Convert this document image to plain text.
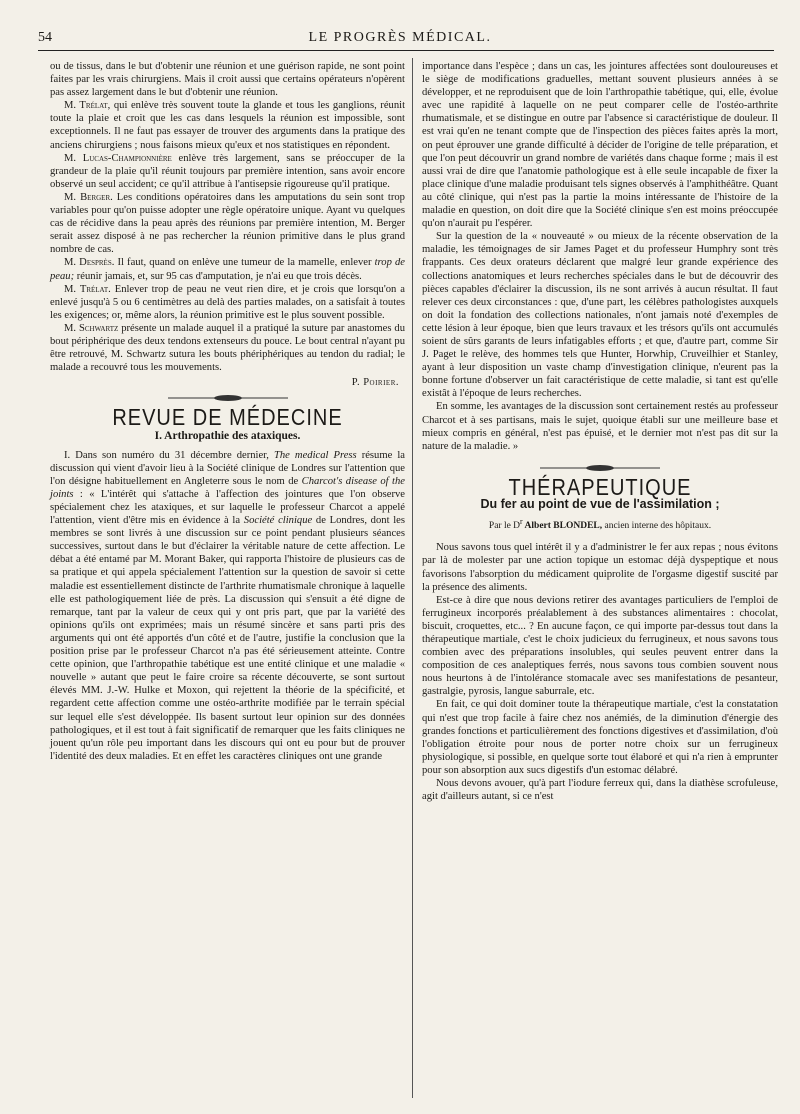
54	LE PROGRÈS MÉDICAL.

ou de tissus, dans le but d'obtenir une réunion et une guérison rapide, ne sont point faites par les vrais chirurgiens. Mais il croit aussi que certains opérateurs n'opèrent pas assez largement dans le but d'obtenir une réunion.

M. Trélat, qui enlève très souvent toute la glande et tous les ganglions, réunit toute la plaie et croit que les cas dans lesquels la réunion est impossible, sont exceptionnels. Il ne faut pas essayer de trouver des arguments dans la pratique des anciens chirurgiens ; nous faisons mieux qu'eux et nos statistiques en répondent.

M. Lucas-Championnière enlève très largement, sans se préoccuper de la grandeur de la plaie qu'il réunit toujours par première intention, sans avoir encore observé un seul accident; ce qu'il attribue à l'antisepsie rigoureuse qu'il pratique.

M. Berger. Les conditions opératoires dans les amputations du sein sont trop variables pour qu'on puisse adopter une règle opératoire unique. Ayant vu quelques cas de récidive dans la peau après des réunions par première intention, M. Berger serait assez disposé à ne pas rechercher la réunion primitive dans le plus grand nombre de cas.

M. Desprès. Il faut, quand on enlève une tumeur de la mamelle, enlever trop de peau; réunir jamais, et, sur 95 cas d'amputation, je n'ai eu que trois décès.

M. Trélat. Enlever trop de peau ne veut rien dire, et je crois que lorsqu'on a enlevé jusqu'à 5 ou 6 centimètres au delà des parties malades, on a satisfait à toutes les exigences; or, même alors, la réunion primitive est le plus souvent possible.

M. Schwartz présente un malade auquel il a pratiqué la suture par anastomes du bout périphérique des deux tendons extenseurs du pouce. Le bout central n'ayant pu être retrouvé, M. Schwartz sutura les bouts phériphériques au tendon du radial; le malade a recouvré tous les mouvements.

P. Poirier.

REVUE DE MÉDECINE
I. Arthropathie des ataxiques.

I. Dans son numéro du 31 décembre dernier, The medical Press résume la discussion qui vient d'avoir lieu à la Société clinique de Londres sur l'attention que l'on désigne habituellement en Angleterre sous le nom de Charcot's disease of the joints : « L'intérêt qui s'attache à l'affection des jointures que l'on observe spécialement chez les ataxiques, et sur laquelle le professeur Charcot a appelé l'attention, vient d'être mis en évidence à la Société clinique de Londres, dont les membres se sont livrés à une discussion sur ce point pendant plusieurs séances successives, surtout dans le but d'éclairer la véritable nature de cette affection. Le débat a été entamé par M. Morant Baker, qui rapporta l'histoire de plusieurs cas de sa pratique et qui appela spécialement l'attention sur la question de savoir si cette maladie est essentiellement distincte de l'arthrite rhumatismale chronique à laquelle elle est pathologiquement liée de près. La discussion qui s'ensuit a été digne de remarque, tant par la valeur de ceux qui y ont pris part, que par la variété des opinions qu'ils ont exprimées; mais un résumé sincère et sans parti pris des arguments qui ont été apportés d'un côté et de l'autre, justifie la conclusion que la position prise par le professeur Charcot n'a pas été sérieusement atteinte. Contre cette opinion, que l'arthropathie tabétique est une entité clinique et une maladie « nouvelle » autant que peut le faire croire sa récente découverte, se sont surtout élevés MM. J.-W. Hulke et Moxon, qui rejettent la théorie de la spécificité, et regardent cette affection comme une ostéo-arthrite modifiée par le terrain spécial sur lequel elle s'est développée. Ils basent surtout leur opinion sur des données pathologiques, et il est tout à fait significatif de remarquer que les faits cliniques ne jouent qu'un rôle peu important dans les discours qui ont eu pour but de prouver l'identité des deux maladies. Et en effet les caractères cliniques ont une grande

importance dans l'espèce ; dans un cas, les jointures affectées sont douloureuses et le siège de modifications graduelles, mettant souvent plusieurs années à se développer, et ne reproduisent que de loin l'arthropathie tabétique, qui, elle, évolue avec une rapidité à laquelle on ne peut comparer celle de l'ostéo-arthrite rhumatismale, et se distingue en outre par l'absence si caractéristique de douleur. Il est vrai qu'en ne tenant compte que de l'inspection des pièces faites après la mort, on peut éprouver une grande difficulté à décider de l'origine de telle préparation, et que l'on peut découvrir un grand nombre de variétés dans chaque forme ; mais il est aussi vrai de dire que l'anatomie pathologique est à elle seule incapable de fixer la place clinique d'une maladie produisant tels signes observés à l'amphithéâtre. Quant au côté clinique, qui n'est pas la partie la moins intéressante de l'histoire de la maladie en question, on doit dire que la Société clinique s'en est moins préoccupée qu'on n'aurait pu l'espérer.

Sur la question de la « nouveauté » ou mieux de la récente observation de la maladie, les témoignages de sir James Paget et du professeur Humphry sont très frappants. Ces deux orateurs déclarent que malgré leur grande expérience des collections anatomiques et leurs recherches spéciales dans le but de découvrir des pièces capables d'éclairer la discussion, ils ne sont arrivés à aucun résultat. Il faut relever ces deux circonstances : que, d'une part, les célèbres pathologistes auxquels on doit la fondation des collections nationales, n'ont jamais noté d'exemples de cette lésion à leur époque, bien que leurs travaux et les trésors qu'ils ont accumulés soient de sûrs garants de leurs infatigables efforts ; et que, d'autre part, comme Sir J. Paget le relève, des hommes tels que Hunter, Horwhip, Cruveilhier et Stanley, ayant à leur disposition un vaste champ d'investigation clinique, n'eurent pas la bonne fortune d'observer un fait caractéristique de cette maladie, si tant est qu'elle existât à l'époque de leurs recherches.

En somme, les avantages de la discussion sont certainement restés au professeur Charcot et à ses partisans, mais le sujet, quoique établi sur une meilleure base et mieux compris en général, n'est pas épuisé, et le dernier mot n'est pas dit sur la nature de la maladie. »

THÉRAPEUTIQUE
Du fer au point de vue de l'assimilation ;
Par le $D^r$ Albert BLONDEL, ancien interne des hôpitaux.

Nous savons tous quel intérêt il y a d'administrer le fer aux repas ; nous évitons par là de molester par une action topique un estomac déjà dyspeptique et nous favorisons l'absorption du médicament quiprolite de l'orgasme digestif suscité par la présence des aliments.

Est-ce à dire que nous devions retirer des avantages particuliers de l'emploi de ferrugineux incorporés préalablement à des substances alimentaires : chocolat, biscuit, croquettes, etc... ? En aucune façon, ce qui importe par-dessus tout dans la thérapeutique martiale, c'est le choix judicieux du ferrugineux, et nous savons tous combien avec des préparations insolubles, qui seules peuvent entrer dans la composition de ces analeptiques ferrés, nous savons tous combien souvent nous nous heurtons à de l'intolérance stomacale avec ses manifestations de pesanteur, gastralgie, pyrosis, langue saburrale, etc.

En fait, ce qui doit dominer toute la thérapeutique martiale, c'est la constatation qui n'est que trop facile à faire chez nos anémiés, de la diminution d'énergie des grandes fonctions et particulièrement des fonctions digestives et d'assimilation, d'où l'obligation étroite pour nous de porter notre choix sur un ferrugineux physiologique, si possible, en quelque sorte tout élaboré et qui n'a rien à emprunter pour son absorption aux sucs digestifs d'un estomac délabré.

Nous devons avouer, qu'à part l'iodure ferreux qui, dans la diathèse scrofuleuse, agit d'ailleurs autant, si ce n'est
